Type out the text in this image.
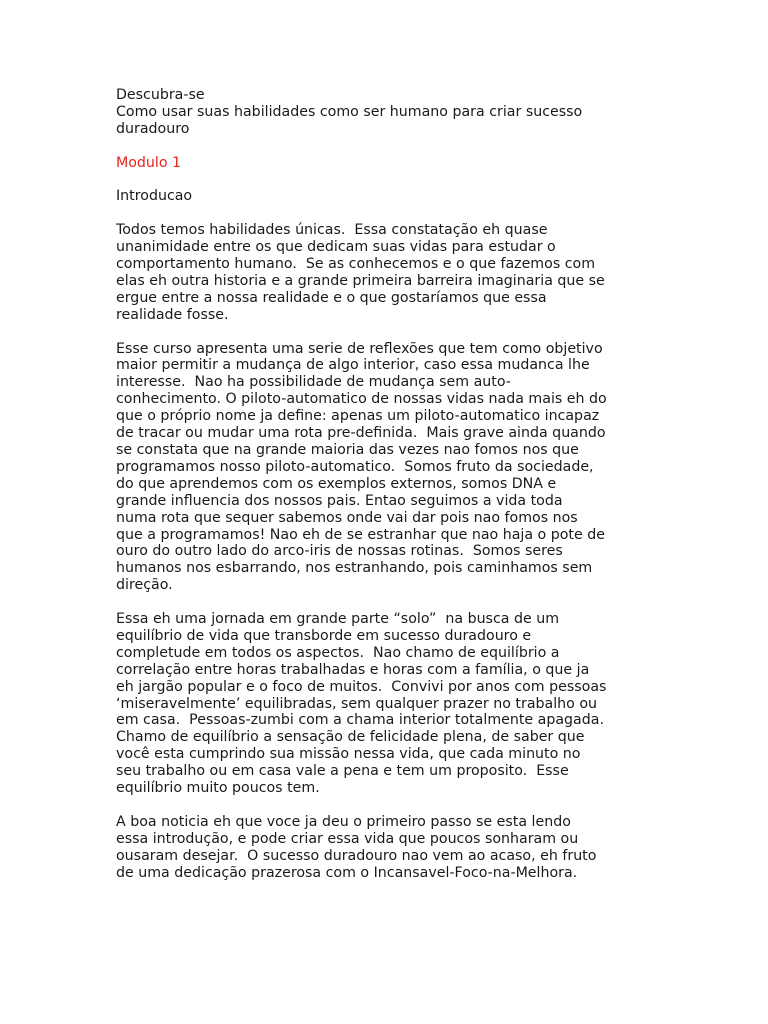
Descubra-se
Como usar suas habilidades como ser humano para criar sucesso
duradouro
Modulo 1
Introducao
Todos temos habilidades únicas.  Essa constatação eh quase
unanimidade entre os que dedicam suas vidas para estudar o
comportamento humano.  Se as conhecemos e o que fazemos com
elas eh outra historia e a grande primeira barreira imaginaria que se
ergue entre a nossa realidade e o que gostaríamos que essa
realidade fosse.
Esse curso apresenta uma serie de reflexões que tem como objetivo
maior permitir a mudança de algo interior, caso essa mudanca lhe
interesse.  Nao ha possibilidade de mudança sem auto-
conhecimento. O piloto-automatico de nossas vidas nada mais eh do
que o próprio nome ja define: apenas um piloto-automatico incapaz
de tracar ou mudar uma rota pre-definida.  Mais grave ainda quando
se constata que na grande maioria das vezes nao fomos nos que
programamos nosso piloto-automatico.  Somos fruto da sociedade,
do que aprendemos com os exemplos externos, somos DNA e
grande influencia dos nossos pais. Entao seguimos a vida toda
numa rota que sequer sabemos onde vai dar pois nao fomos nos
que a programamos! Nao eh de se estranhar que nao haja o pote de
ouro do outro lado do arco-iris de nossas rotinas.  Somos seres
humanos nos esbarrando, nos estranhando, pois caminhamos sem
direção.
Essa eh uma jornada em grande parte “solo”  na busca de um
equilíbrio de vida que transborde em sucesso duradouro e
completude em todos os aspectos.  Nao chamo de equilíbrio a
correlação entre horas trabalhadas e horas com a família, o que ja
eh jargão popular e o foco de muitos.  Convivi por anos com pessoas
‘miseravelmente’ equilibradas, sem qualquer prazer no trabalho ou
em casa.  Pessoas-zumbi com a chama interior totalmente apagada.
Chamo de equilíbrio a sensação de felicidade plena, de saber que
você esta cumprindo sua missão nessa vida, que cada minuto no
seu trabalho ou em casa vale a pena e tem um proposito.  Esse
equilíbrio muito poucos tem.
A boa noticia eh que voce ja deu o primeiro passo se esta lendo
essa introdução, e pode criar essa vida que poucos sonharam ou
ousaram desejar.  O sucesso duradouro nao vem ao acaso, eh fruto
de uma dedicação prazerosa com o Incansavel-Foco-na-Melhora.
